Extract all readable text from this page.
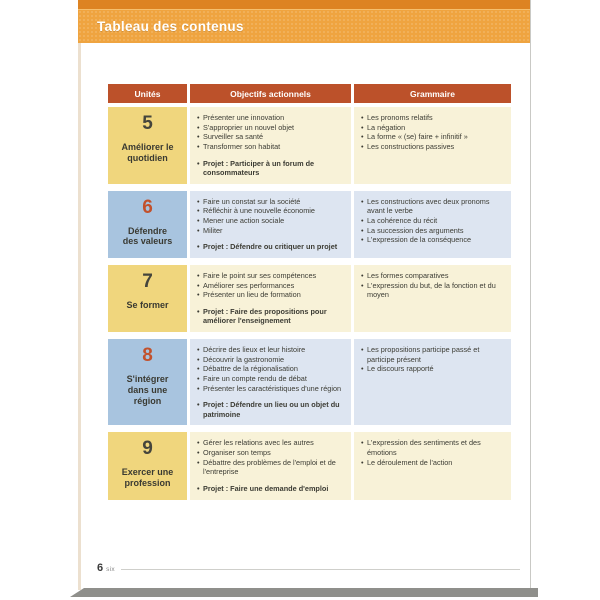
Tableau des contenus
Unités	Objectifs actionnels	Grammaire
5
Améliorer le quotidien
• Présenter une innovation
• S'approprier un nouvel objet
• Surveiller sa santé
• Transformer son habitat
• Projet : Participer à un forum de consommateurs
• Les pronoms relatifs
• La négation
• La forme « (se) faire + infinitif »
• Les constructions passives
6
Défendre des valeurs
• Faire un constat sur la société
• Réfléchir à une nouvelle économie
• Mener une action sociale
• Militer
• Projet : Défendre ou critiquer un projet
• Les constructions avec deux pronoms avant le verbe
• La cohérence du récit
• La succession des arguments
• L'expression de la conséquence
7
Se former
• Faire le point sur ses compétences
• Améliorer ses performances
• Présenter un lieu de formation
• Projet : Faire des propositions pour améliorer l'enseignement
• Les formes comparatives
• L'expression du but, de la fonction et du moyen
8
S'intégrer dans une région
• Décrire des lieux et leur histoire
• Découvrir la gastronomie
• Débattre de la régionalisation
• Faire un compte rendu de débat
• Présenter les caractéristiques d'une région
• Projet : Défendre un lieu ou un objet du patrimoine
• Les propositions participe passé et participe présent
• Le discours rapporté
9
Exercer une profession
• Gérer les relations avec les autres
• Organiser son temps
• Débattre des problèmes de l'emploi et de l'entreprise
• Projet : Faire une demande d'emploi
• L'expression des sentiments et des émotions
• Le déroulement de l'action
6 six
